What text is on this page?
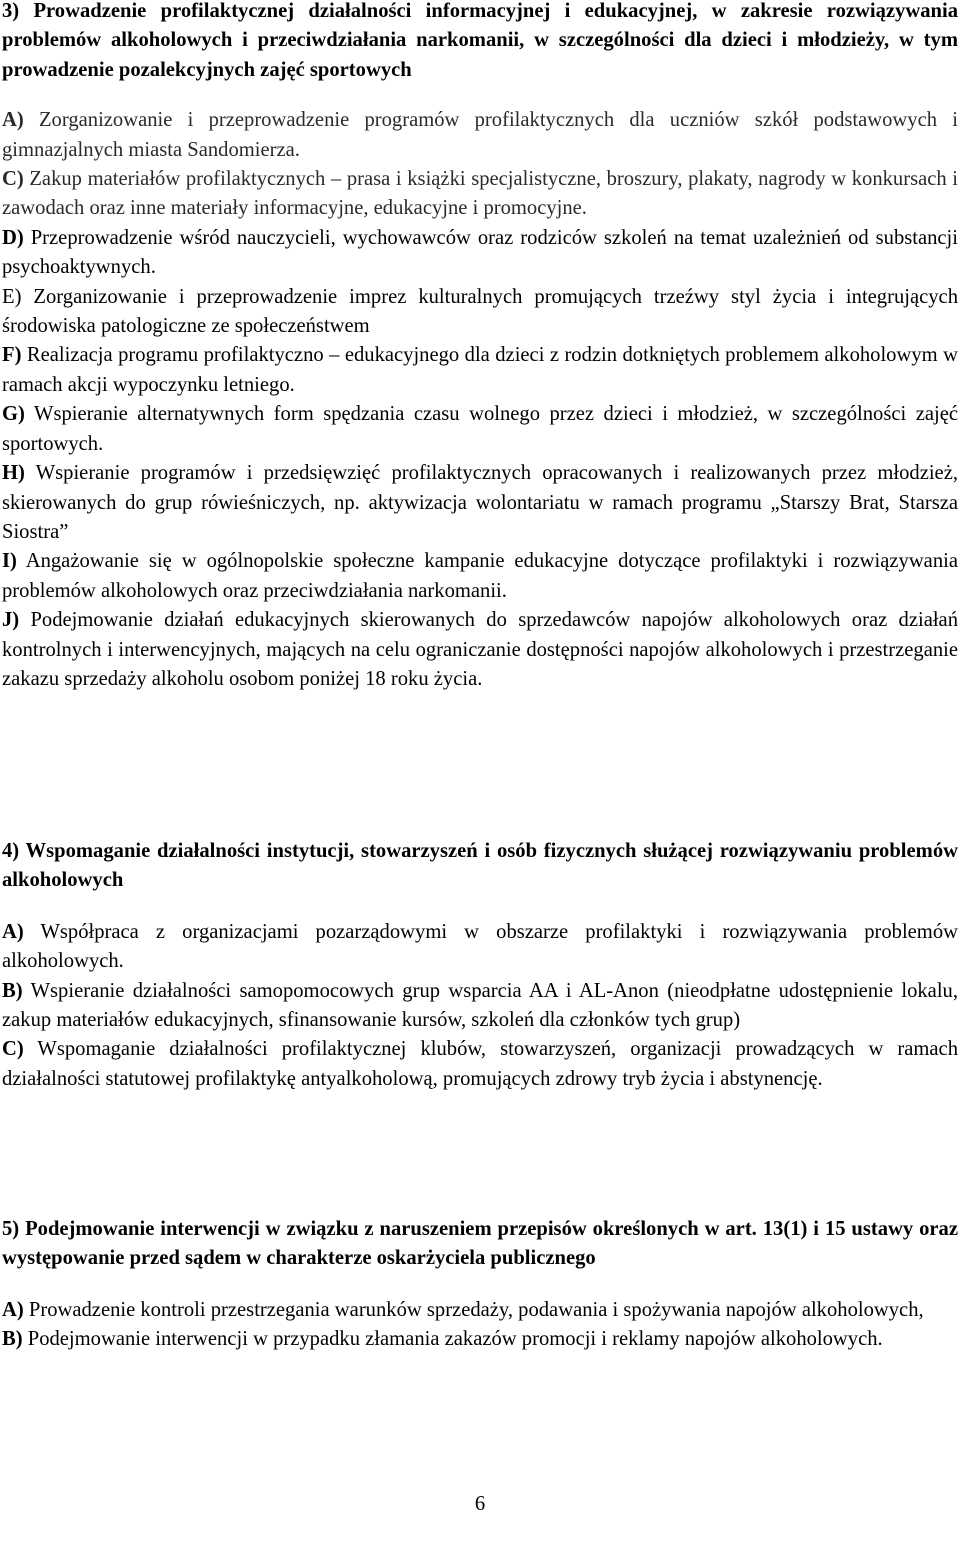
3) Prowadzenie profilaktycznej działalności informacyjnej i edukacyjnej, w zakresie rozwiązywania problemów alkoholowych i przeciwdziałania narkomanii, w szczególności dla dzieci i młodzieży, w tym prowadzenie pozalekcyjnych zajęć sportowych

A) Zorganizowanie i przeprowadzenie programów profilaktycznych dla uczniów szkół podstawowych i gimnazjalnych miasta Sandomierza.

C) Zakup materiałów profilaktycznych – prasa i książki specjalistyczne, broszury, plakaty, nagrody w konkursach i zawodach oraz inne materiały informacyjne, edukacyjne i promocyjne.

D) Przeprowadzenie wśród nauczycieli, wychowawców oraz rodziców szkoleń na temat uzależnień od substancji psychoaktywnych.

E) Zorganizowanie i przeprowadzenie imprez kulturalnych promujących trzeźwy styl życia i integrujących środowiska patologiczne ze społeczeństwem

F) Realizacja programu profilaktyczno – edukacyjnego dla dzieci z rodzin dotkniętych problemem alkoholowym w ramach akcji wypoczynku letniego.

G) Wspieranie alternatywnych form spędzania czasu wolnego przez dzieci i młodzież, w szczególności zajęć sportowych.

H) Wspieranie programów i przedsięwzięć profilaktycznych opracowanych i realizowanych przez młodzież, skierowanych do grup rówieśniczych, np. aktywizacja wolontariatu w ramach programu „Starszy Brat, Starsza Siostra”

I) Angażowanie się w ogólnopolskie społeczne kampanie edukacyjne dotyczące profilaktyki i rozwiązywania problemów alkoholowych oraz przeciwdziałania narkomanii.

J) Podejmowanie działań edukacyjnych skierowanych do sprzedawców napojów alkoholowych oraz działań kontrolnych i interwencyjnych, mających na celu ograniczanie dostępności napojów alkoholowych i przestrzeganie zakazu sprzedaży alkoholu osobom poniżej 18 roku życia.

4) Wspomaganie działalności instytucji, stowarzyszeń i osób fizycznych służącej rozwiązywaniu problemów alkoholowych

A) Współpraca z organizacjami pozarządowymi w obszarze profilaktyki i rozwiązywania problemów alkoholowych.

B) Wspieranie działalności samopomocowych grup wsparcia AA i AL-Anon (nieodpłatne udostępnienie lokalu, zakup materiałów edukacyjnych, sfinansowanie kursów, szkoleń dla członków tych grup)

C) Wspomaganie działalności profilaktycznej klubów, stowarzyszeń, organizacji prowadzących w ramach działalności statutowej profilaktykę antyalkoholową, promujących zdrowy tryb życia i abstynencję.

5) Podejmowanie interwencji w związku z naruszeniem przepisów określonych w art. 13(1) i 15 ustawy oraz występowanie przed sądem w charakterze oskarżyciela publicznego

A) Prowadzenie kontroli przestrzegania warunków sprzedaży, podawania i spożywania napojów alkoholowych,

B) Podejmowanie interwencji w przypadku złamania zakazów promocji i reklamy napojów alkoholowych.

6
